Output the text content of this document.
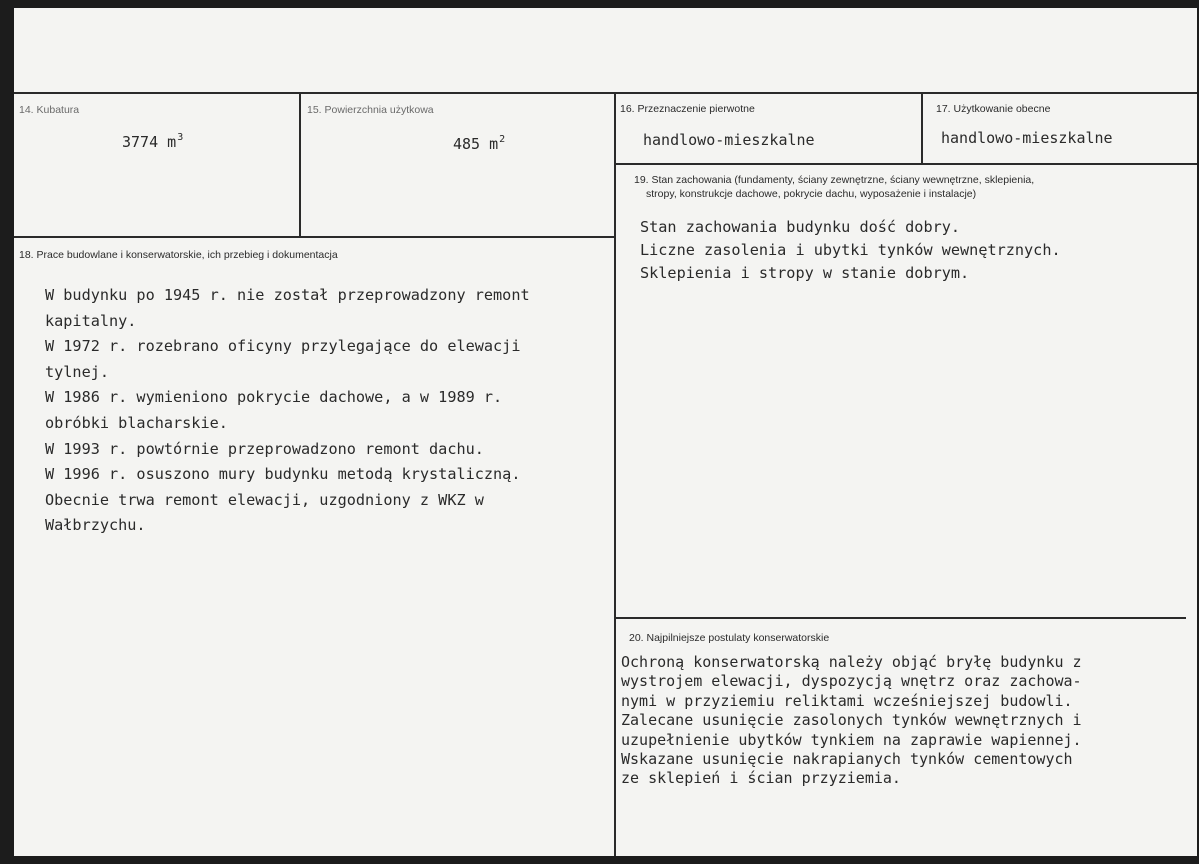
14. Kubatura
3774 $m^3$
15. Powierzchnia użytkowa
485 $m^2$
16. Przeznaczenie pierwotne
handlowo-mieszkalne
17. Użytkowanie obecne
handlowo-mieszkalne
18. Prace budowlane i konserwatorskie, ich przebieg i dokumentacja
W budynku po 1945 r. nie został przeprowadzony remont
kapitalny.
W 1972 r. rozebrano oficyny przylegające do elewacji
tylnej.
W 1986 r. wymieniono pokrycie dachowe, a w 1989 r.
obróbki blacharskie.
W 1993 r. powtórnie przeprowadzono remont dachu.
W 1996 r. osuszono mury budynku metodą krystaliczną.
Obecnie trwa remont elewacji, uzgodniony z WKZ w
Wałbrzychu.
19. Stan zachowania (fundamenty, ściany zewnętrzne, ściany wewnętrzne, sklepienia,
stropy, konstrukcje dachowe, pokrycie dachu, wyposażenie i instalacje)
Stan zachowania budynku dość dobry.
Liczne zasolenia i ubytki tynków wewnętrznych.
Sklepienia i stropy w stanie dobrym.
20. Najpilniejsze postulaty konserwatorskie
Ochroną konserwatorską należy objąć bryłę budynku z
wystrojem elewacji, dyspozycją wnętrz oraz zachowa-
nymi w przyziemiu reliktami wcześniejszej budowli.
Zalecane usunięcie zasolonych tynków wewnętrznych i
uzupełnienie ubytków tynkiem na zaprawie wapiennej.
Wskazane usunięcie nakrapianych tynków cementowych
ze sklepień i ścian przyziemia.
